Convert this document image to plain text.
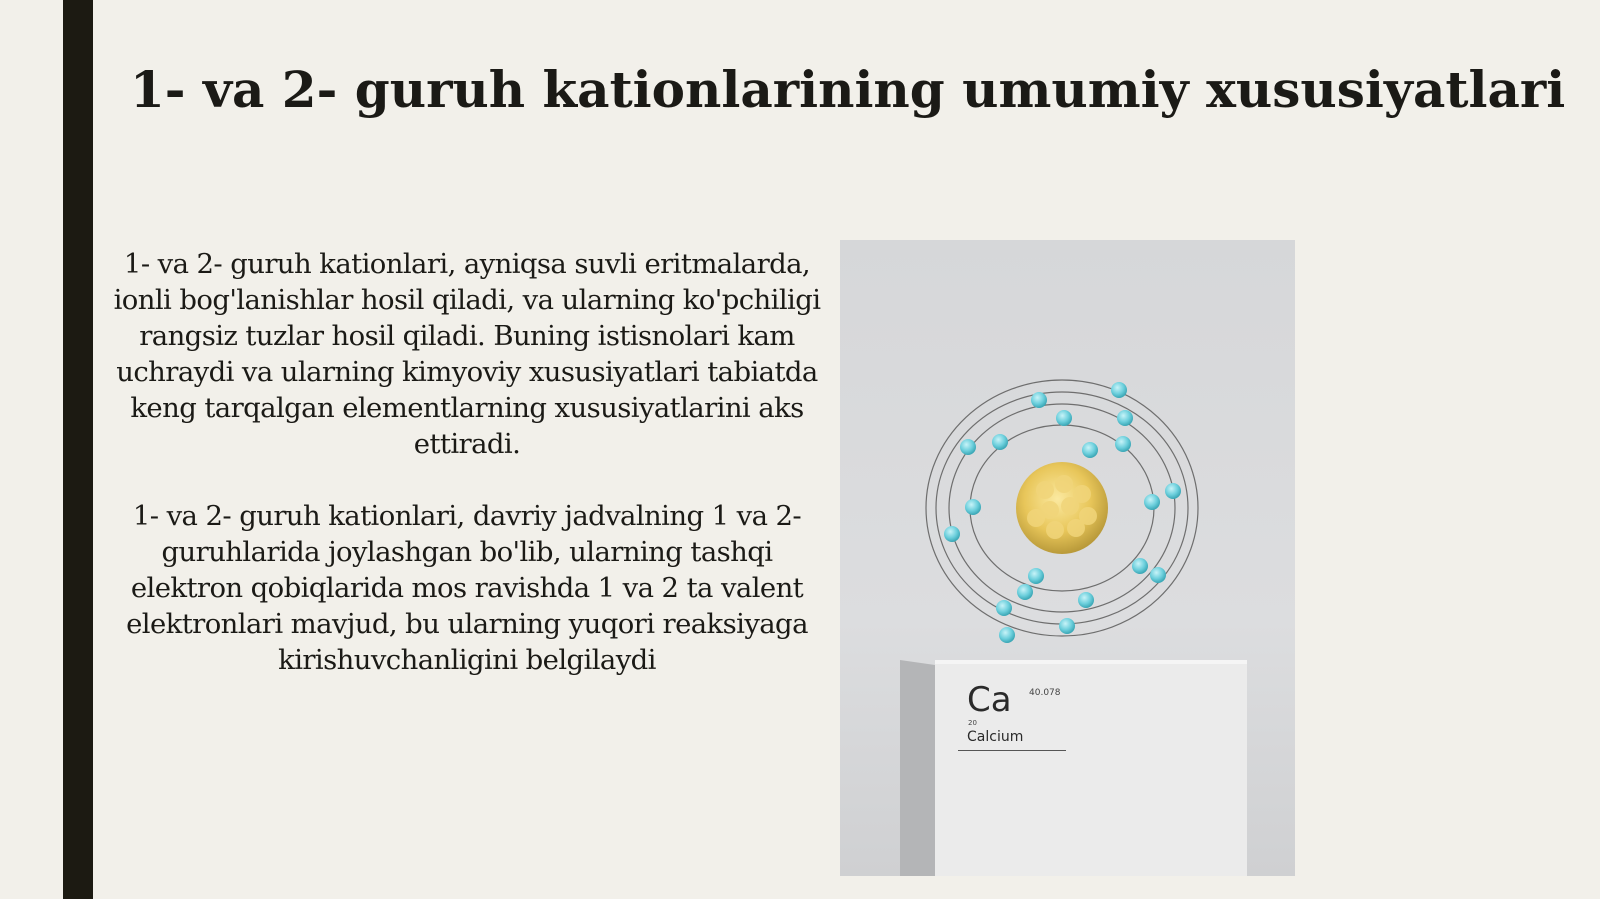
1- va 2- guruh kationlarining umumiy xususiyatlari

1- va 2- guruh kationlari, ayniqsa suvli eritmalarda, ionli bog'lanishlar hosil qiladi, va ularning ko'pchiligi rangsiz tuzlar hosil qiladi. Buning istisnolari kam uchraydi va ularning kimyoviy xususiyatlari tabiatda keng tarqalgan elementlarning xususiyatlarini aks ettiradi.

1- va 2- guruh kationlari, davriy jadvalning 1 va 2- guruhlarida joylashgan bo'lib, ularning tashqi elektron qobiqlarida mos ravishda 1 va 2 ta valent elektronlari mavjud, bu ularning yuqori reaksiyaga kirishuvchanligini belgilaydi

Ca 40.078
20
Calcium
